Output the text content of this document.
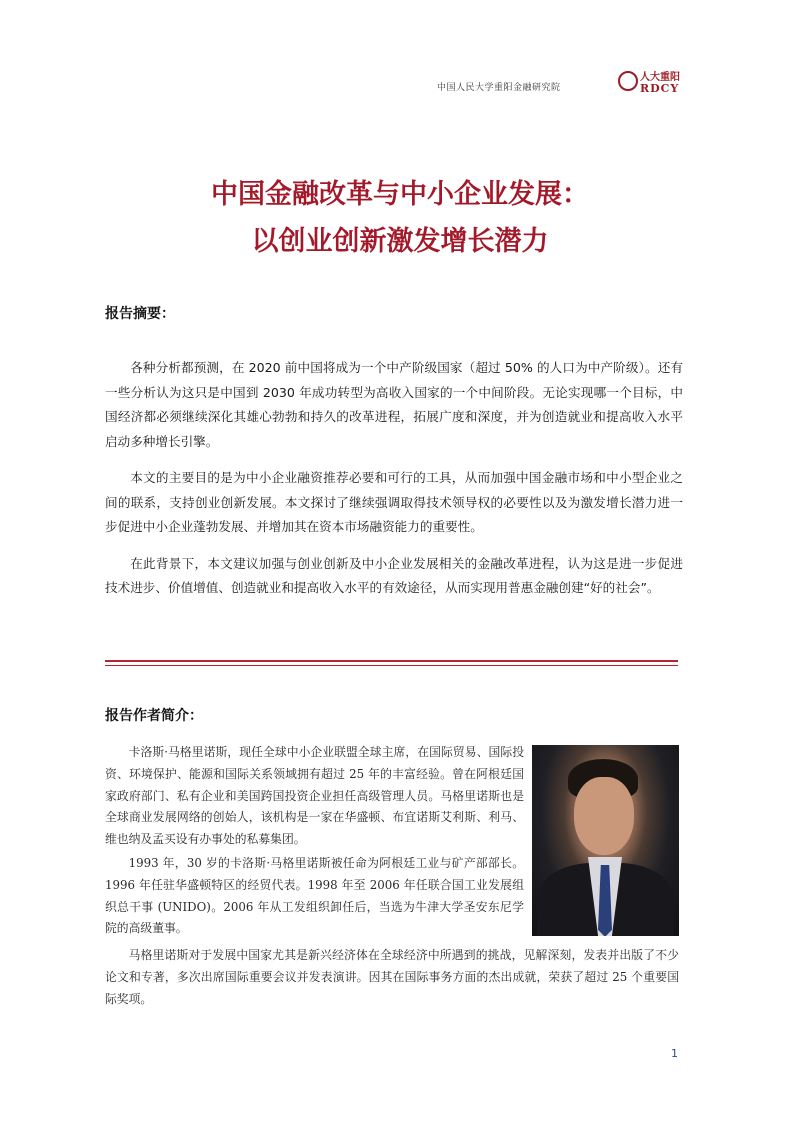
中国人民大学重阳金融研究院
人大重阳
RDCY
中国金融改革与中小企业发展：
以创业创新激发增长潜力
报告摘要：

各种分析都预测，在 2020 前中国将成为一个中产阶级国家（超过 50% 的人口为中产阶级）。还有一些分析认为这只是中国到 2030 年成功转型为高收入国家的一个中间阶段。无论实现哪一个目标，中国经济都必须继续深化其雄心勃勃和持久的改革进程，拓展广度和深度，并为创造就业和提高收入水平启动多种增长引擎。

本文的主要目的是为中小企业融资推荐必要和可行的工具，从而加强中国金融市场和中小型企业之间的联系，支持创业创新发展。本文探讨了继续强调取得技术领导权的必要性以及为激发增长潜力进一步促进中小企业蓬勃发展、并增加其在资本市场融资能力的重要性。

在此背景下，本文建议加强与创业创新及中小企业发展相关的金融改革进程，认为这是进一步促进技术进步、价值增值、创造就业和提高收入水平的有效途径，从而实现用普惠金融创建“好的社会”。

报告作者简介：

卡洛斯·马格里诺斯，现任全球中小企业联盟全球主席，在国际贸易、国际投资、环境保护、能源和国际关系领域拥有超过 25 年的丰富经验。曾在阿根廷国家政府部门、私有企业和美国跨国投资企业担任高级管理人员。马格里诺斯也是全球商业发展网络的创始人，该机构是一家在华盛顿、布宜诺斯艾利斯、利马、维也纳及孟买设有办事处的私募集团。

1993 年，30 岁的卡洛斯·马格里诺斯被任命为阿根廷工业与矿产部部长。1996 年任驻华盛顿特区的经贸代表。1998 年至 2006 年任联合国工业发展组织总干事 (UNIDO)。2006 年从工发组织卸任后，当选为牛津大学圣安东尼学院的高级董事。

马格里诺斯对于发展中国家尤其是新兴经济体在全球经济中所遇到的挑战，见解深刻，发表并出版了不少论文和专著，多次出席国际重要会议并发表演讲。因其在国际事务方面的杰出成就，荣获了超过 25 个重要国际奖项。

1
